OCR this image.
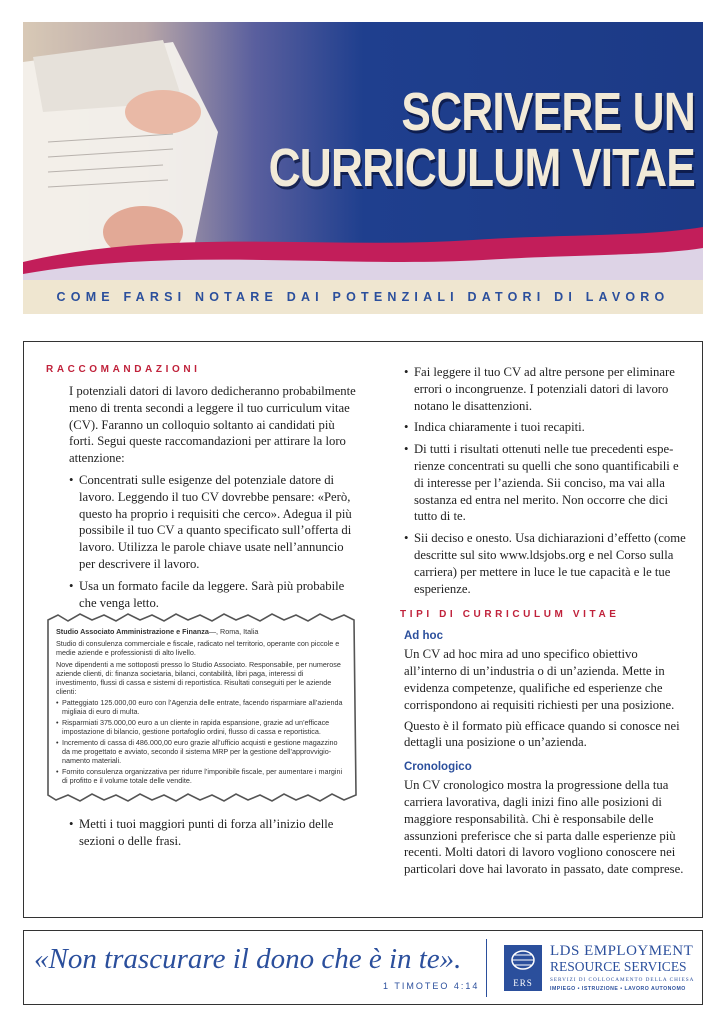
SCRIVERE UN
CURRICULUM VITAE
COME FARSI NOTARE DAI POTENZIALI DATORI DI LAVORO
RACCOMANDAZIONI

I potenziali datori di lavoro dedicheranno probabilmente meno di trenta secondi a leggere il tuo curriculum vitae (CV). Faranno un colloquio soltanto ai candidati più forti. Segui queste raccomandazioni per attirare la loro attenzione:

• Concentrati sulle esigenze del potenziale datore di lavoro. Leggendo il tuo CV dovrebbe pensare: «Però, questo ha proprio i requisiti che cerco». Adegua il più possibile il tuo CV a quanto specificato sull’offerta di lavoro. Utilizza le parole chiave usate nell’annuncio per descrivere il lavoro.
• Usa un formato facile da leggere. Sarà più probabile che venga letto.
Studio Associato Amministrazione e Finanza—, Roma, Italia
Studio di consulenza commerciale e fiscale, radicato nel territorio, operante con piccole e medie aziende e professionisti di alto livello.
Nove dipendenti a me sottoposti presso lo Studio Associato. Responsabile, per numerose aziende clienti, di: finanza societaria, bilanci, contabilità, libri paga, interessi di investimento, flussi di cassa e sistemi di reportistica. Risultati conseguiti per le aziende clienti:
• Patteggiato 125.000,00 euro con l’Agenzia delle entrate, facendo risparmiare all’azienda migliaia di euro di multa.
• Risparmiati 375.000,00 euro a un cliente in rapida espansione, grazie ad un’efficace impostazione di bilancio, gestione portafoglio ordini, flusso di cassa e reportistica.
• Incremento di cassa di 486.000,00 euro grazie all’ufficio acquisti e gestione magazzino da me progettato e avviato, secondo il sistema MRP per la gestione dell’approvvigionamento materiali.
• Fornito consulenza organizzativa per ridurre l’imponibile fiscale, per aumentare i margini di profitto e il volume totale delle vendite.

• Metti i tuoi maggiori punti di forza all’inizio delle sezioni o delle frasi.

• Fai leggere il tuo CV ad altre persone per eliminare errori o incongruenze. I potenziali datori di lavoro notano le disattenzioni.
• Indica chiaramente i tuoi recapiti.
• Di tutti i risultati ottenuti nelle tue precedenti esperienze concentrati su quelli che sono quantificabili e di interesse per l’azienda. Sii conciso, ma vai alla sostanza ed entra nel merito. Non occorre che dici tutto di te.
• Sii deciso e onesto. Usa dichiarazioni d’effetto (come descritte sul sito www.ldsjobs.org e nel Corso sulla carriera) per mettere in luce le tue capacità e le tue esperienze.
TIPI DI CURRICULUM VITAE
Ad hoc

Un CV ad hoc mira ad uno specifico obiettivo all’interno di un’industria o di un’azienda. Mette in evidenza competenze, qualifiche ed esperienze che corrispondono ai requisiti richiesti per una posizione.

Questo è il formato più efficace quando si conosce nei dettagli una posizione o un’azienda.

Cronologico

Un CV cronologico mostra la progressione della tua carriera lavorativa, dagli inizi fino alle posizioni di maggiore responsabilità. Chi è responsabile delle assunzioni preferisce che si parta dalle esperienze più recenti. Molti datori di lavoro vogliono conoscere nei particolari dove hai lavorato in passato, date comprese.

«Non trascurare il dono che è in te».
1 TIMOTEO 4:14	ERS
LDS EMPLOYMENT
RESOURCE SERVICES
SERVIZI DI COLLOCAMENTO DELLA CHIESA
IMPIEGO • ISTRUZIONE • LAVORO AUTONOMO
